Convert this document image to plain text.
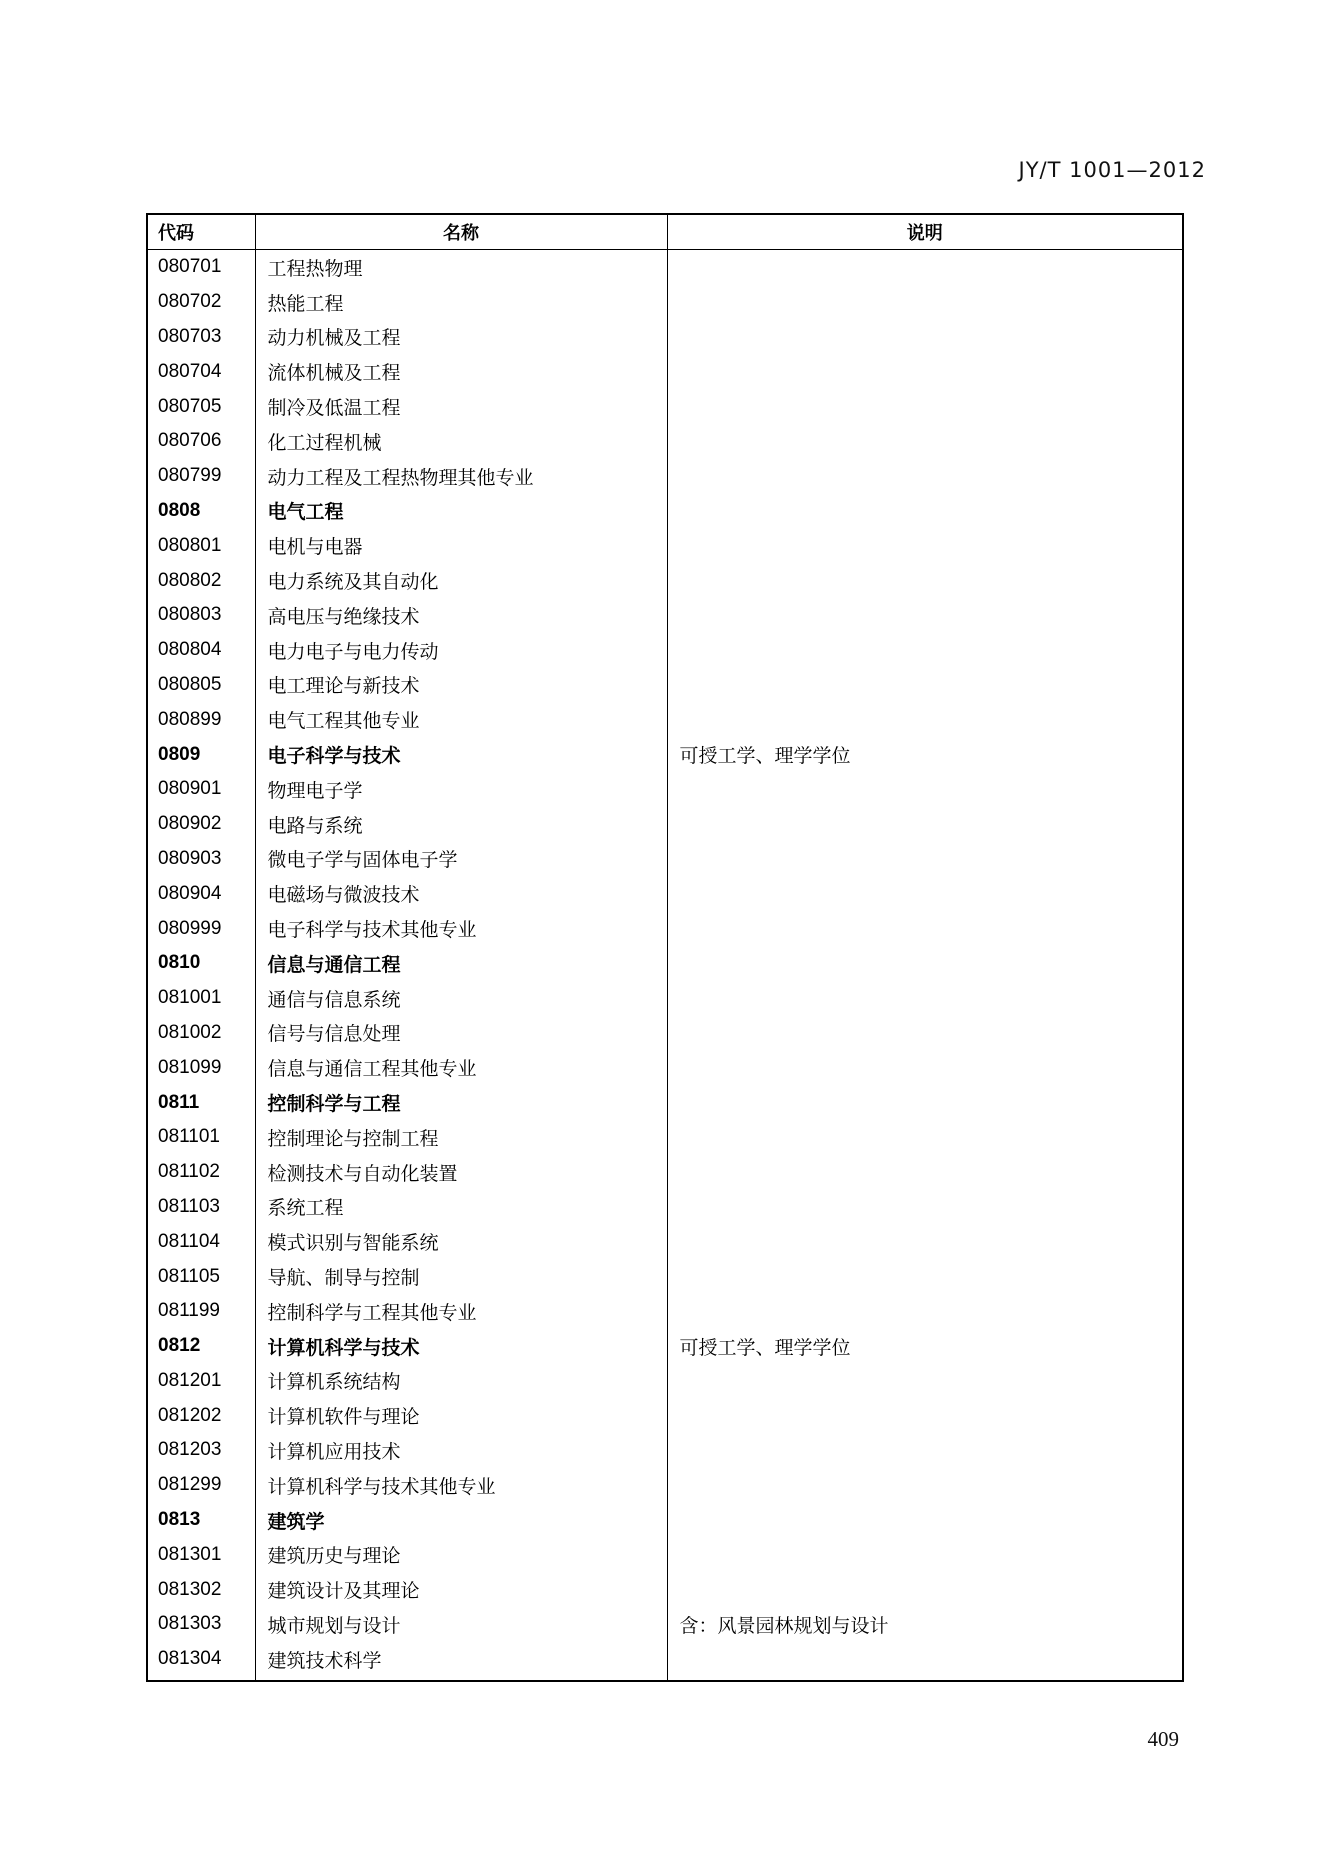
JY/T 1001—2012
代码	名称	说明
080701	工程热物理	
080702	热能工程	
080703	动力机械及工程	
080704	流体机械及工程	
080705	制冷及低温工程	
080706	化工过程机械	
080799	动力工程及工程热物理其他专业	
0808	电气工程	
080801	电机与电器	
080802	电力系统及其自动化	
080803	高电压与绝缘技术	
080804	电力电子与电力传动	
080805	电工理论与新技术	
080899	电气工程其他专业	
0809	电子科学与技术	可授工学、理学学位
080901	物理电子学	
080902	电路与系统	
080903	微电子学与固体电子学	
080904	电磁场与微波技术	
080999	电子科学与技术其他专业	
0810	信息与通信工程	
081001	通信与信息系统	
081002	信号与信息处理	
081099	信息与通信工程其他专业	
0811	控制科学与工程	
081101	控制理论与控制工程	
081102	检测技术与自动化装置	
081103	系统工程	
081104	模式识别与智能系统	
081105	导航、制导与控制	
081199	控制科学与工程其他专业	
0812	计算机科学与技术	可授工学、理学学位
081201	计算机系统结构	
081202	计算机软件与理论	
081203	计算机应用技术	
081299	计算机科学与技术其他专业	
0813	建筑学	
081301	建筑历史与理论	
081302	建筑设计及其理论	
081303	城市规划与设计	含：风景园林规划与设计
081304	建筑技术科学	
409
